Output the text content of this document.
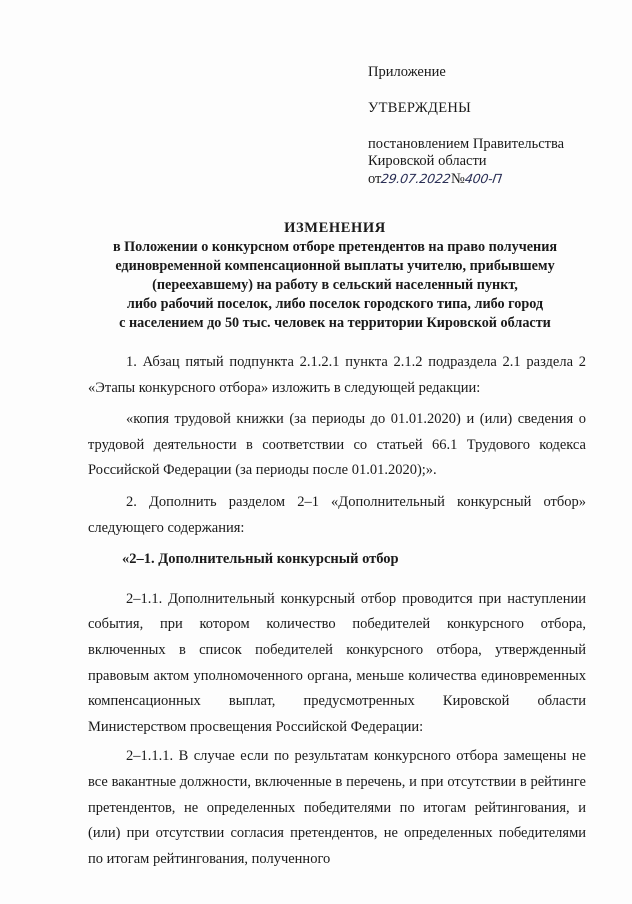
Приложение

УТВЕРЖДЕНЫ

постановлением Правительства

Кировской области

от
29.07.2022
№
400-П
ИЗМЕНЕНИЯ
в Положении о конкурсном отборе претендентов на право получения
единовременной компенсационной выплаты учителю, прибывшему
(переехавшему) на работу в сельский населенный пункт,
либо рабочий поселок, либо поселок городского типа, либо город
с населением до 50 тыс. человек на территории Кировской области

1. Абзац пятый подпункта 2.1.2.1 пункта 2.1.2 подраздела 2.1 раздела 2 «Этапы конкурсного отбора» изложить в следующей редакции:

«копия трудовой книжки (за периоды до 01.01.2020) и (или) сведения о трудовой деятельности в соответствии со статьей 66.1 Трудового кодекса Российской Федерации (за периоды после 01.01.2020);».

2. Дополнить разделом 2–1 «Дополнительный конкурсный отбор» следующего содержания:

«2–1. Дополнительный конкурсный отбор

2–1.1. Дополнительный конкурсный отбор проводится при наступлении события, при котором количество победителей конкурсного отбора, включенных в список победителей конкурсного отбора, утвержденный правовым актом уполномоченного органа, меньше количества единовременных компенсационных выплат, предусмотренных Кировской области Министерством просвещения Российской Федерации:

2–1.1.1. В случае если по результатам конкурсного отбора замещены не все вакантные должности, включенные в перечень, и при отсутствии в рейтинге претендентов, не определенных победителями по итогам рейтингования, и (или) при отсутствии согласия претендентов, не определенных победителями по итогам рейтингования, полученного
